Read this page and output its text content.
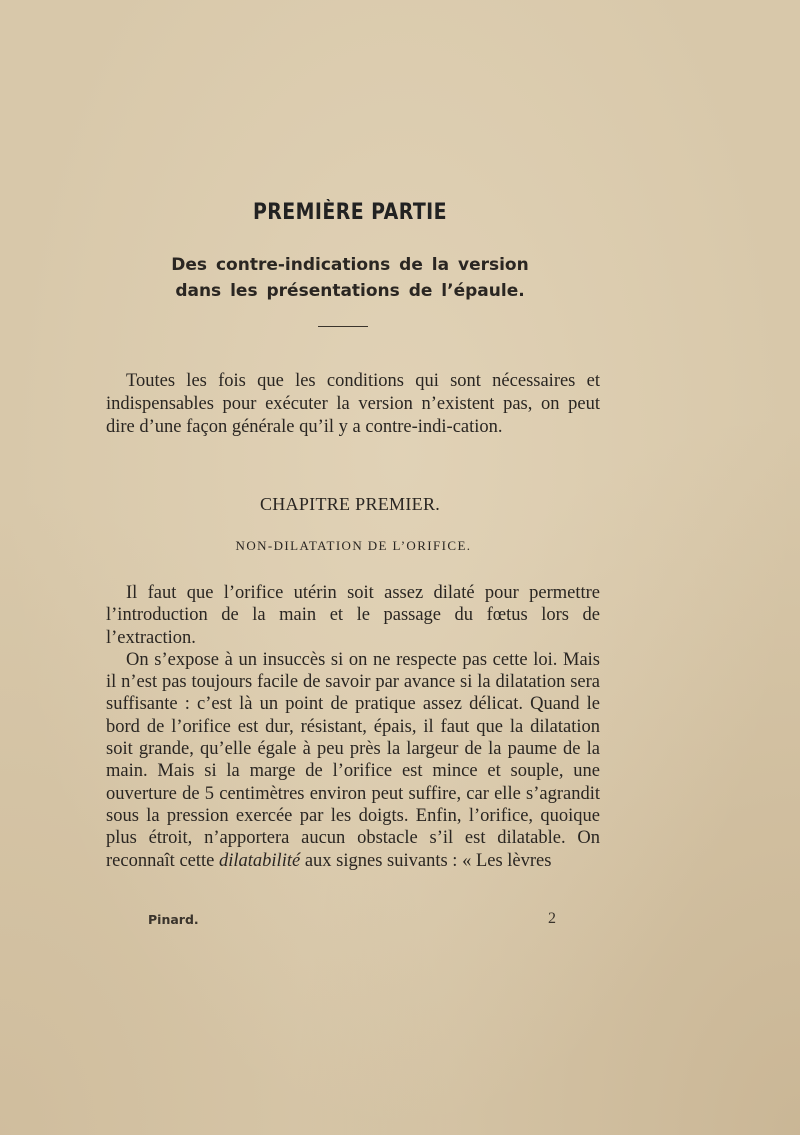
PREMIÈRE PARTIE
Des contre-indications de la version
dans les présentations de l’épaule.

Toutes les fois que les conditions qui sont nécessaires et indispensables pour exécuter la version n’existent pas, on peut dire d’une façon générale qu’il y a contre-indi-cation.

CHAPITRE PREMIER.
NON-DILATATION DE L’ORIFICE.

Il faut que l’orifice utérin soit assez dilaté pour permettre l’introduction de la main et le passage du fœtus lors de l’extraction.

On s’expose à un insuccès si on ne respecte pas cette loi. Mais il n’est pas toujours facile de savoir par avance si la dilatation sera suffisante : c’est là un point de pratique assez délicat. Quand le bord de l’orifice est dur, résistant, épais, il faut que la dilatation soit grande, qu’elle égale à peu près la largeur de la paume de la main. Mais si la marge de l’orifice est mince et souple, une ouverture de 5 centimètres environ peut suffire, car elle s’agrandit sous la pression exercée par les doigts. Enfin, l’orifice, quoique plus étroit, n’apportera aucun obstacle s’il est dilatable. On reconnaît cette dilatabilité aux signes suivants : « Les lèvres

Pinard.	2
